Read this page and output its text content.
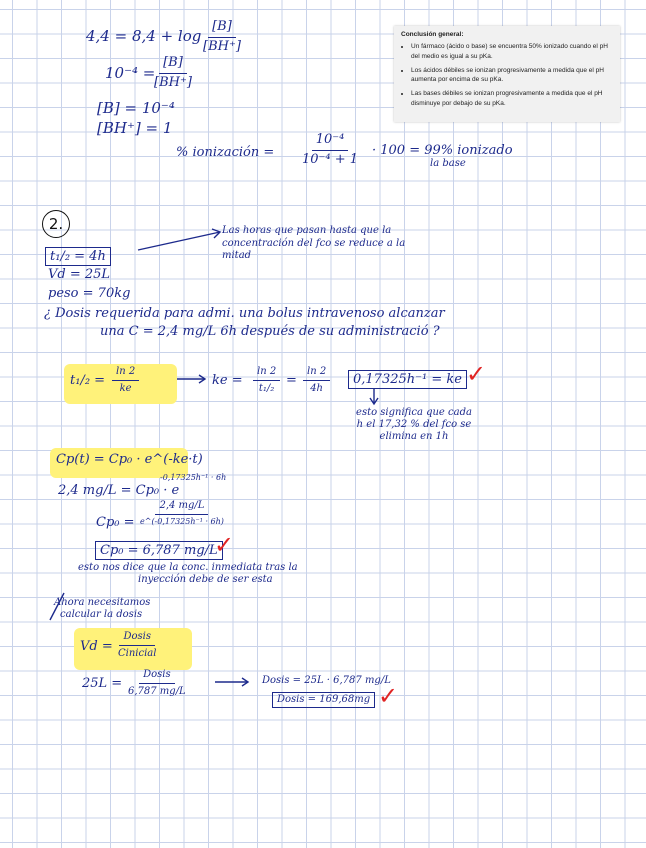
$4,4 = 8,4 + \log \frac{[B]}{[BH^+]}$
10⁻⁴ =
$\frac{[B]}{[BH^+]}$
[B] = 10⁻⁴
[BH⁺] = 1
% ionización = $\frac{\text{10⁻⁴}}{\text{10⁻⁴ + 1}} \cdot 100 = 99\%$ ionizado
la base
Conclusión general:
• Un fármaco (ácido o base) se encuentra 50% ionizado cuando el pH del medio es igual a su pKa.
• Los ácidos débiles se ionizan progresivamente a medida que el pH aumenta por encima de su pKa.
• Las bases débiles se ionizan progresivamente a medida que el pH disminuye por debajo de su pKa.
2.
t₁/₂ = 4h
Las horas que pasan hasta que la concentración del fco se reduce a la mitad
Vd = 25L
peso = 70kg
¿ Dosis requerida para admi. una bolus intravenoso alcanzar
una C = 2,4 mg/L 6h después de su administració ?
$t_1/_2 = \frac{\ln 2}{ke}$	ke = $\frac{\ln 2}{\text{t₁/₂}} = \frac{\ln 2}{4h}$	0,17325h⁻¹ = ke ✓
esto significa que cada h el 17,32 % del fco se elimina en 1h
Cp(t) = Cp₀ · e^(-ke·t)
2,4 mg/L = Cp₀ · e
-0,17325h⁻¹ · 6h
Cp₀ =
2,4 mg/L
e^(-0,17325h⁻¹ · 6h)
Cp₀ = 6,787 mg/L
✓
esto nos dice que la conc. inmediata tras la
inyección debe de ser esta
Ahora necesitamos
calcular la dosis
Vd =
Dosis
Cinicial
25L =
Dosis
6,787 mg/L
Dosis = 25L · 6,787 mg/L
Dosis = 169,68mg ✓
